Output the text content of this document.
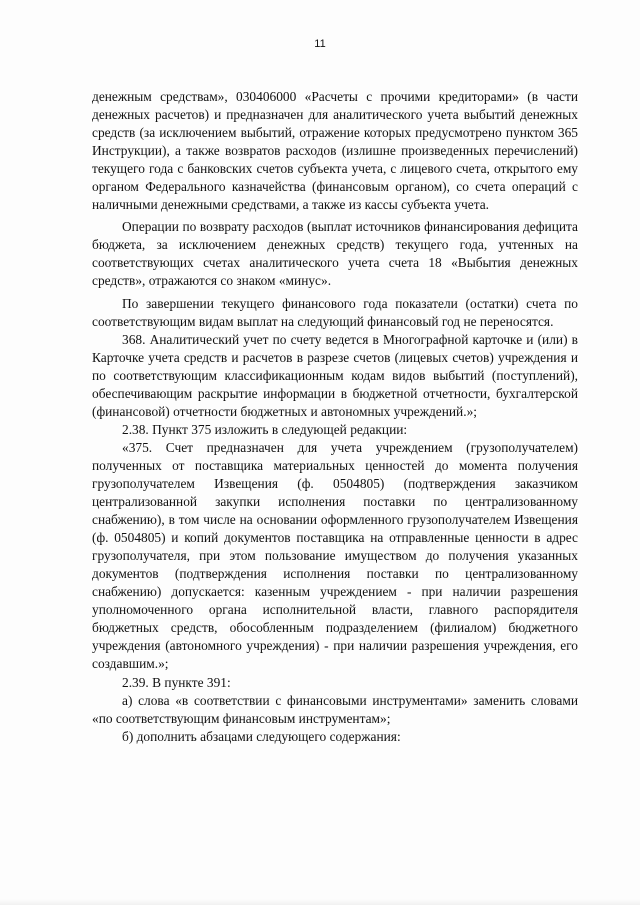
11

денежным средствам», 030406000 «Расчеты с прочими кредиторами» (в части денежных расчетов) и предназначен для аналитического учета выбытий денежных средств (за исключением выбытий, отражение которых предусмотрено пунктом 365 Инструкции), а также возвратов расходов (излишне произведенных перечислений) текущего года с банковских счетов субъекта учета, с лицевого счета, открытого ему органом Федерального казначейства (финансовым органом), со счета операций с наличными денежными средствами, а также из кассы субъекта учета.

Операции по возврату расходов (выплат источников финансирования дефицита бюджета, за исключением денежных средств) текущего года, учтенных на соответствующих счетах аналитического учета счета 18 «Выбытия денежных средств», отражаются со знаком «минус».

По завершении текущего финансового года показатели (остатки) счета по соответствующим видам выплат на следующий финансовый год не переносятся.

368. Аналитический учет по счету ведется в Многографной карточке и (или) в Карточке учета средств и расчетов в разрезе счетов (лицевых счетов) учреждения и по соответствующим классификационным кодам видов выбытий (поступлений), обеспечивающим раскрытие информации в бюджетной отчетности, бухгалтерской (финансовой) отчетности бюджетных и автономных учреждений.»;

2.38. Пункт 375 изложить в следующей редакции:

«375. Счет предназначен для учета учреждением (грузополучателем) полученных от поставщика материальных ценностей до момента получения грузополучателем Извещения (ф. 0504805) (подтверждения заказчиком централизованной закупки исполнения поставки по централизованному снабжению), в том числе на основании оформленного грузополучателем Извещения (ф. 0504805) и копий документов поставщика на отправленные ценности в адрес грузополучателя, при этом пользование имуществом до получения указанных документов (подтверждения исполнения поставки по централизованному снабжению) допускается: казенным учреждением - при наличии разрешения уполномоченного органа исполнительной власти, главного распорядителя бюджетных средств, обособленным подразделением (филиалом) бюджетного учреждения (автономного учреждения) - при наличии разрешения учреждения, его создавшим.»;

2.39. В пункте 391:

а) слова «в соответствии с финансовыми инструментами» заменить словами «по соответствующим финансовым инструментам»;

б) дополнить абзацами следующего содержания:
